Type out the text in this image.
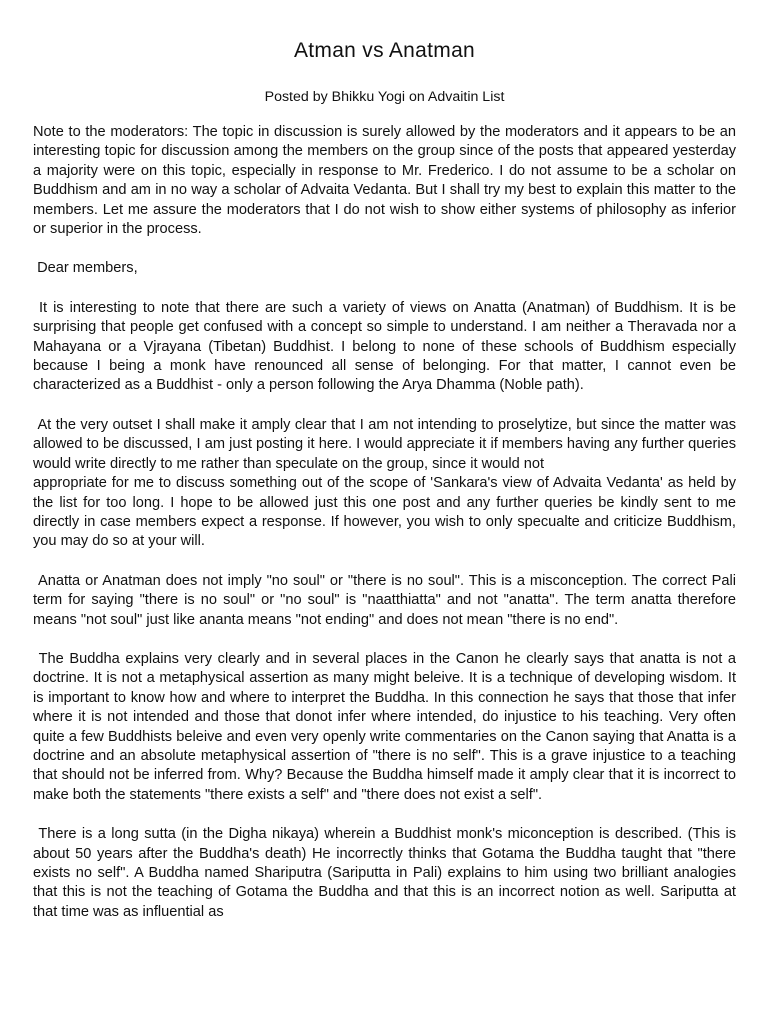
Atman vs Anatman
Posted by Bhikku Yogi on Advaitin List

Note to the moderators: The topic in discussion is surely allowed by the moderators and it appears to be an interesting topic for discussion among the members on the group since of the posts that appeared yesterday a majority were on this topic, especially in response to Mr. Frederico. I do not assume to be a scholar on Buddhism and am in no way a scholar of Advaita Vedanta. But I shall try my best to explain this matter to the members. Let me assure the moderators that I do not wish to show either systems of philosophy as inferior or superior in the process.

Dear members,

It is interesting to note that there are such a variety of views on Anatta (Anatman) of Buddhism. It is be surprising that people get confused with a concept so simple to understand. I am neither a Theravada nor a Mahayana or a Vjrayana (Tibetan) Buddhist. I belong to none of these schools of Buddhism especially because I being a monk have renounced all sense of belonging. For that matter, I cannot even be characterized as a Buddhist - only a person following the Arya Dhamma (Noble path).

At the very outset I shall make it amply clear that I am not intending to proselytize, but since the matter was allowed to be discussed, I am just posting it here. I would appreciate it if members having any further queries would write directly to me rather than speculate on the group, since it would not

appropriate for me to discuss something out of the scope of 'Sankara's view of Advaita Vedanta' as held by the list for too long. I hope to be allowed just this one post and any further queries be kindly sent to me directly in case members expect a response. If however, you wish to only specualte and criticize Buddhism, you may do so at your will.

Anatta or Anatman does not imply "no soul" or "there is no soul". This is a misconception. The correct Pali term for saying "there is no soul" or "no soul" is "naatthiatta" and not "anatta". The term anatta therefore means "not soul" just like ananta means "not ending" and does not mean "there is no end".

The Buddha explains very clearly and in several places in the Canon he clearly says that anatta is not a doctrine. It is not a metaphysical assertion as many might beleive. It is a technique of developing wisdom. It is important to know how and where to interpret the Buddha. In this connection he says that those that infer where it is not intended and those that donot infer where intended, do injustice to his teaching. Very often quite a few Buddhists beleive and even very openly write commentaries on the Canon saying that Anatta is a doctrine and an absolute metaphysical assertion of "there is no self". This is a grave injustice to a teaching that should not be inferred from. Why? Because the Buddha himself made it amply clear that it is incorrect to make both the statements "there exists a self" and "there does not exist a self".

There is a long sutta (in the Digha nikaya) wherein a Buddhist monk's miconception is described. (This is about 50 years after the Buddha's death) He incorrectly thinks that Gotama the Buddha taught that "there exists no self". A Buddha named Shariputra (Sariputta in Pali) explains to him using two brilliant analogies that this is not the teaching of Gotama the Buddha and that this is an incorrect notion as well. Sariputta at that time was as influential as
